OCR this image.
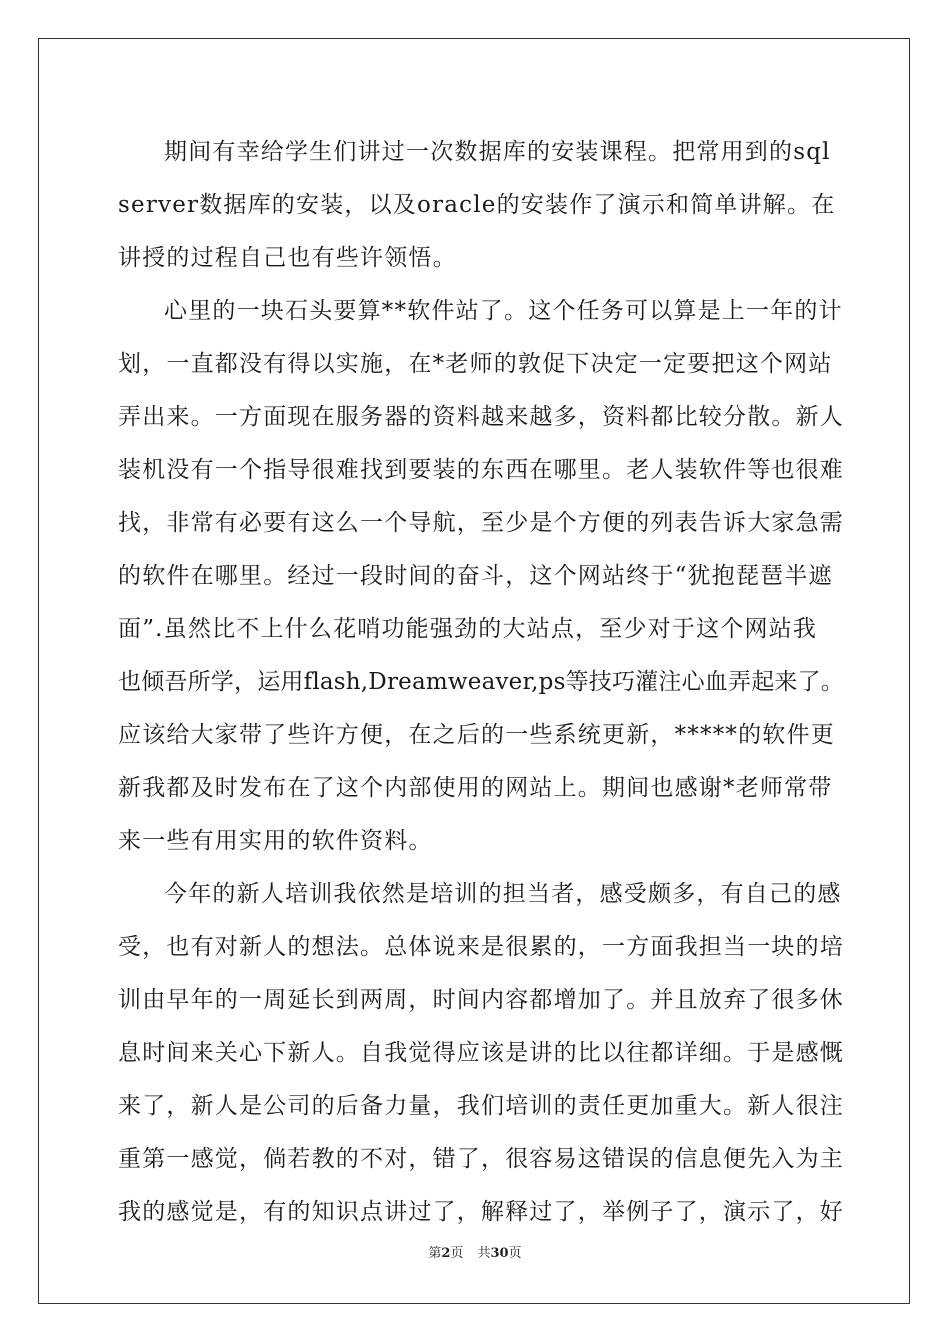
期间有幸给学生们讲过一次数据库的安装课程。把常用到的sql
server数据库的安装，以及oracle的安装作了演示和简单讲解。在
讲授的过程自己也有些许领悟。
心里的一块石头要算**软件站了。这个任务可以算是上一年的计
划，一直都没有得以实施，在*老师的敦促下决定一定要把这个网站
弄出来。一方面现在服务器的资料越来越多，资料都比较分散。新人
装机没有一个指导很难找到要装的东西在哪里。老人装软件等也很难
找，非常有必要有这么一个导航，至少是个方便的列表告诉大家急需
的软件在哪里。经过一段时间的奋斗，这个网站终于“犹抱琵琶半遮
面”.虽然比不上什么花哨功能强劲的大站点，至少对于这个网站我
也倾吾所学，运用flash,Dreamweaver,ps等技巧灌注心血弄起来了。
应该给大家带了些许方便，在之后的一些系统更新，*****的软件更
新我都及时发布在了这个内部使用的网站上。期间也感谢*老师常带
来一些有用实用的软件资料。
今年的新人培训我依然是培训的担当者，感受颇多，有自己的感
受，也有对新人的想法。总体说来是很累的，一方面我担当一块的培
训由早年的一周延长到两周，时间内容都增加了。并且放弃了很多休
息时间来关心下新人。自我觉得应该是讲的比以往都详细。于是感慨
来了，新人是公司的后备力量，我们培训的责任更加重大。新人很注
重第一感觉，倘若教的不对，错了，很容易这错误的信息便先入为主
我的感觉是，有的知识点讲过了，解释过了，举例子了，演示了，好
第2页 共30页
